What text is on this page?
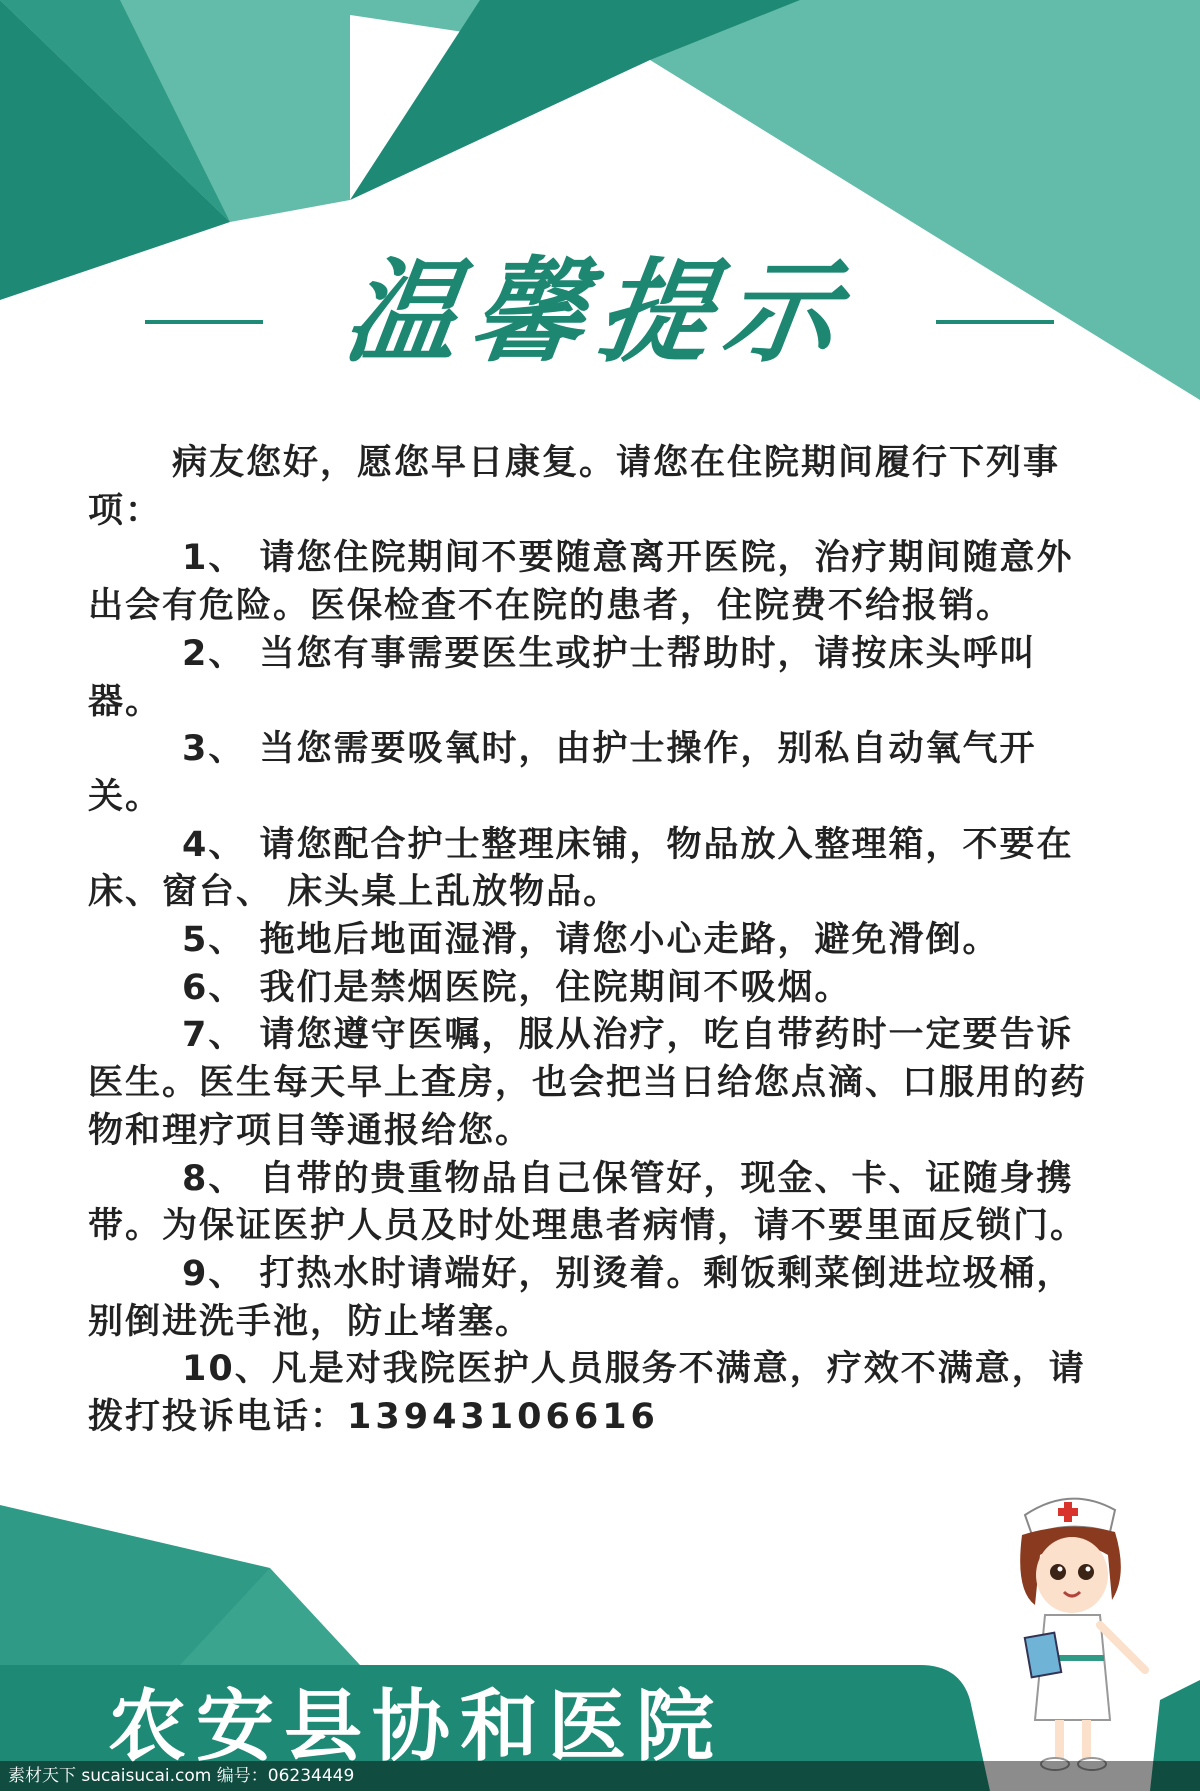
温馨提示

病友您好，愿您早日康复。请您在住院期间履行下列事项：

1、 请您住院期间不要随意离开医院，治疗期间随意外出会有危险。医保检查不在院的患者，住院费不给报销。

2、 当您有事需要医生或护士帮助时，请按床头呼叫器。

3、 当您需要吸氧时，由护士操作，别私自动氧气开关。

4、 请您配合护士整理床铺，物品放入整理箱，不要在床、窗台、 床头桌上乱放物品。

5、 拖地后地面湿滑，请您小心走路，避免滑倒。

6、 我们是禁烟医院，住院期间不吸烟。

7、 请您遵守医嘱，服从治疗，吃自带药时一定要告诉医生。医生每天早上查房，也会把当日给您点滴、口服用的药物和理疗项目等通报给您。

8、 自带的贵重物品自己保管好，现金、卡、证随身携带。为保证医护人员及时处理患者病情，请不要里面反锁门。

9、 打热水时请端好，别烫着。剩饭剩菜倒进垃圾桶，别倒进洗手池，防止堵塞。

10、凡是对我院医护人员服务不满意，疗效不满意，请拨打投诉电话：13943106616

农安县协和医院
素材天下 sucaisucai.com 编号：06234449
